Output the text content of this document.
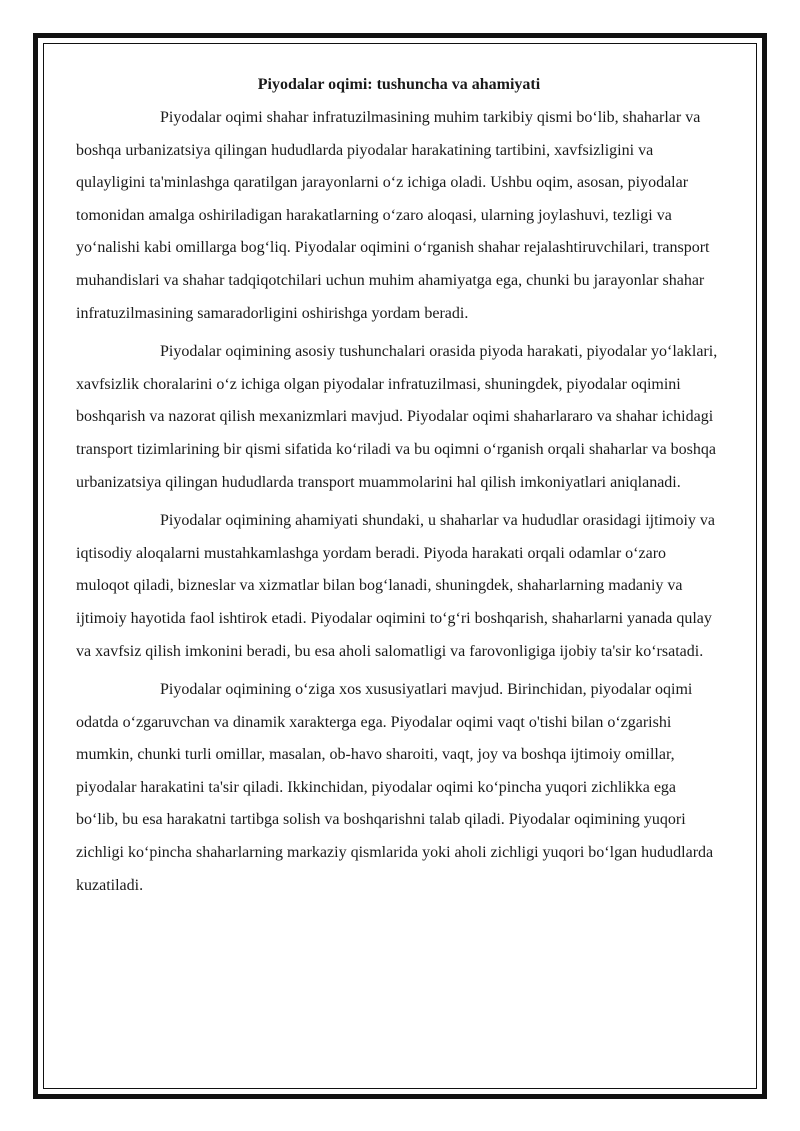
Piyodalar oqimi: tushuncha va ahamiyati

Piyodalar oqimi shahar infratuzilmasining muhim tarkibiy qismi bo‘lib, shaharlar va boshqa urbanizatsiya qilingan hududlarda piyodalar harakatining tartibini, xavfsizligini va qulayligini ta'minlashga qaratilgan jarayonlarni o‘z ichiga oladi. Ushbu oqim, asosan, piyodalar tomonidan amalga oshiriladigan harakatlarning o‘zaro aloqasi, ularning joylashuvi, tezligi va yo‘nalishi kabi omillarga bog‘liq. Piyodalar oqimini o‘rganish shahar rejalashtiruvchilari, transport muhandislari va shahar tadqiqotchilari uchun muhim ahamiyatga ega, chunki bu jarayonlar shahar infratuzilmasining samaradorligini oshirishga yordam beradi.

Piyodalar oqimining asosiy tushunchalari orasida piyoda harakati, piyodalar yo‘laklari, xavfsizlik choralarini o‘z ichiga olgan piyodalar infratuzilmasi, shuningdek, piyodalar oqimini boshqarish va nazorat qilish mexanizmlari mavjud. Piyodalar oqimi shaharlararo va shahar ichidagi transport tizimlarining bir qismi sifatida ko‘riladi va bu oqimni o‘rganish orqali shaharlar va boshqa urbanizatsiya qilingan hududlarda transport muammolarini hal qilish imkoniyatlari aniqlanadi.

Piyodalar oqimining ahamiyati shundaki, u shaharlar va hududlar orasidagi ijtimoiy va iqtisodiy aloqalarni mustahkamlashga yordam beradi. Piyoda harakati orqali odamlar o‘zaro muloqot qiladi, bizneslar va xizmatlar bilan bog‘lanadi, shuningdek, shaharlarning madaniy va ijtimoiy hayotida faol ishtirok etadi. Piyodalar oqimini to‘g‘ri boshqarish, shaharlarni yanada qulay va xavfsiz qilish imkonini beradi, bu esa aholi salomatligi va farovonligiga ijobiy ta'sir ko‘rsatadi.

Piyodalar oqimining o‘ziga xos xususiyatlari mavjud. Birinchidan, piyodalar oqimi odatda o‘zgaruvchan va dinamik xarakterga ega. Piyodalar oqimi vaqt o'tishi bilan o‘zgarishi mumkin, chunki turli omillar, masalan, ob-havo sharoiti, vaqt, joy va boshqa ijtimoiy omillar, piyodalar harakatini ta'sir qiladi. Ikkinchidan, piyodalar oqimi ko‘pincha yuqori zichlikka ega bo‘lib, bu esa harakatni tartibga solish va boshqarishni talab qiladi. Piyodalar oqimining yuqori zichligi ko‘pincha shaharlarning markaziy qismlarida yoki aholi zichligi yuqori bo‘lgan hududlarda kuzatiladi.
